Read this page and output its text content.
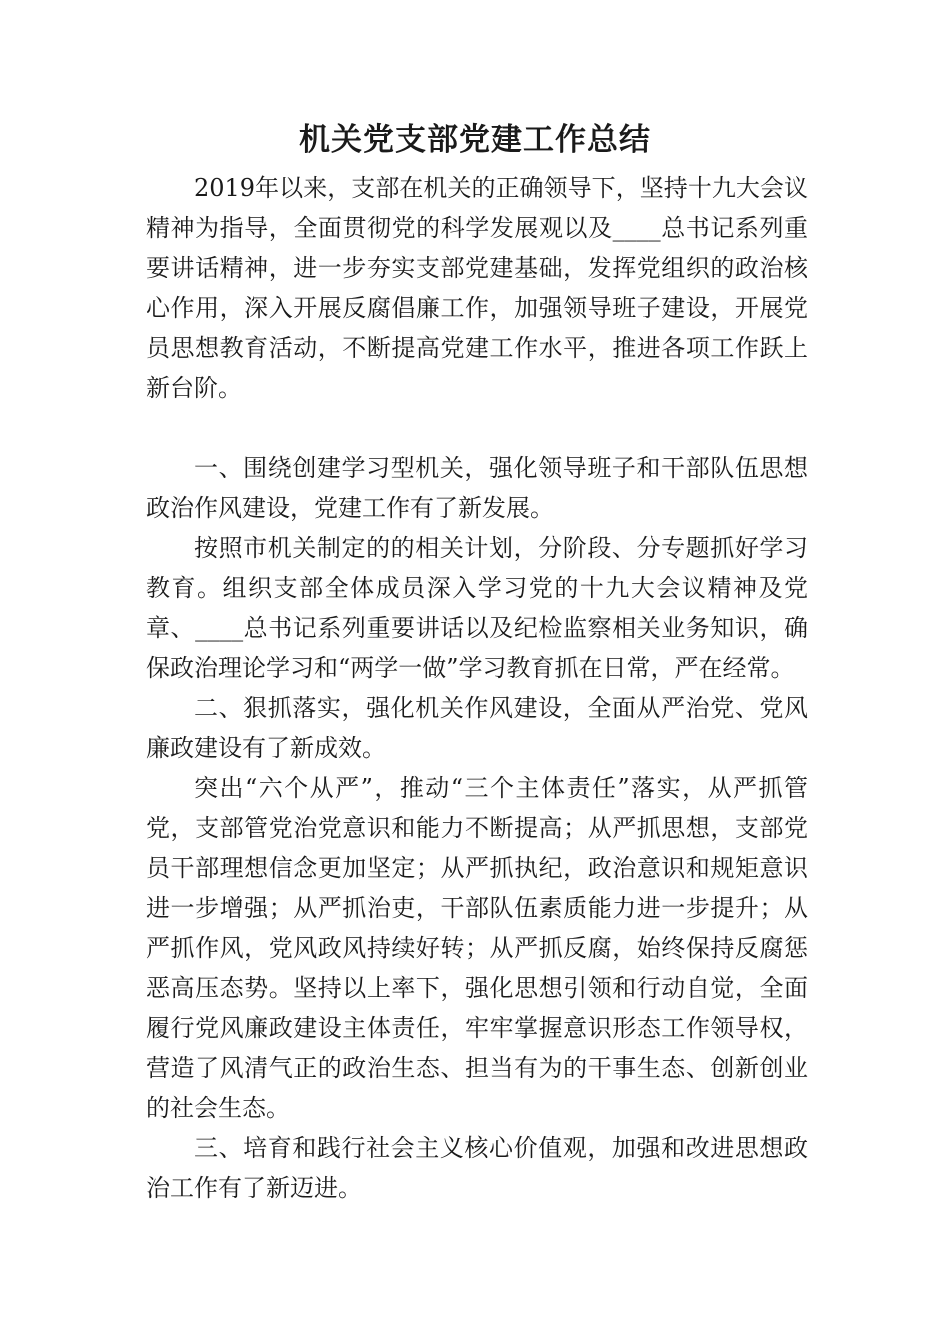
机关党支部党建工作总结

2019年以来，支部在机关的正确领导下，坚持十九大会议精神为指导，全面贯彻党的科学发展观以及____总书记系列重要讲话精神，进一步夯实支部党建基础，发挥党组织的政治核心作用，深入开展反腐倡廉工作，加强领导班子建设，开展党员思想教育活动，不断提高党建工作水平，推进各项工作跃上新台阶。

一、围绕创建学习型机关，强化领导班子和干部队伍思想政治作风建设，党建工作有了新发展。

按照市机关制定的的相关计划，分阶段、分专题抓好学习教育。组织支部全体成员深入学习党的十九大会议精神及党章、____总书记系列重要讲话以及纪检监察相关业务知识，确保政治理论学习和“两学一做”学习教育抓在日常，严在经常。

二、狠抓落实，强化机关作风建设，全面从严治党、党风廉政建设有了新成效。

突出“六个从严”，推动“三个主体责任”落实，从严抓管党，支部管党治党意识和能力不断提高；从严抓思想，支部党员干部理想信念更加坚定；从严抓执纪，政治意识和规矩意识进一步增强；从严抓治吏，干部队伍素质能力进一步提升；从严抓作风，党风政风持续好转；从严抓反腐，始终保持反腐惩恶高压态势。坚持以上率下，强化思想引领和行动自觉，全面履行党风廉政建设主体责任，牢牢掌握意识形态工作领导权，营造了风清气正的政治生态、担当有为的干事生态、创新创业的社会生态。

三、培育和践行社会主义核心价值观，加强和改进思想政治工作有了新迈进。
